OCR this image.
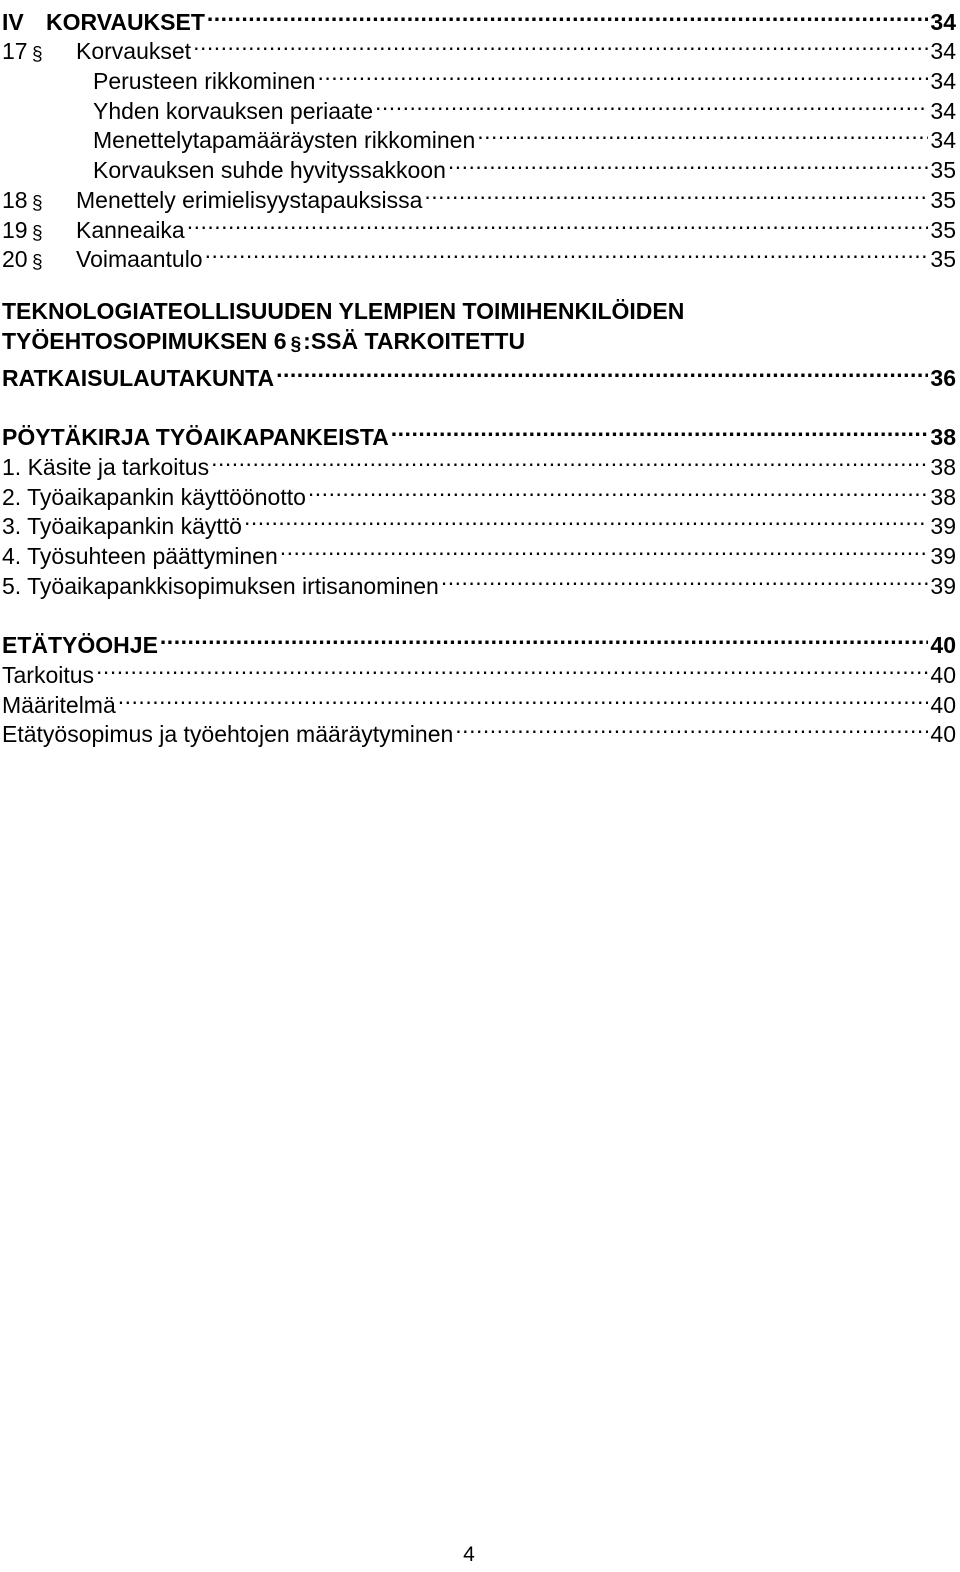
IV KORVAUKSET .....	34
17 §	Korvaukset .....	34
Perusteen rikkominen .....	34
Yhden korvauksen periaate .....	34
Menettelytapamääräysten rikkominen .....	34
Korvauksen suhde hyvityssakkoon .....	35
18 §	Menettely erimielisyystapauksissa .....	35
19 §	Kanneaika .....	35
20 §	Voimaantulo .....	35
TEKNOLOGIATEOLLISUUDEN YLEMPIEN TOIMIHENKILÖIDEN
TYÖEHTOSOPIMUKSEN 6 § :SSÄ TARKOITETTU
RATKAISULAUTAKUNTA .....	36
PÖYTÄKIRJA TYÖAIKAPANKEISTA .....	38
1. Käsite ja tarkoitus .....	38
2. Työaikapankin käyttöönotto .....	38
3. Työaikapankin käyttö .....	39
4. Työsuhteen päättyminen .....	39
5. Työaikapankkisopimuksen irtisanominen .....	39
ETÄTYÖOHJE .....	40
Tarkoitus .....	40
Määritelmä .....	40
Etätyösopimus ja työehtojen määräytyminen .....	40
4
